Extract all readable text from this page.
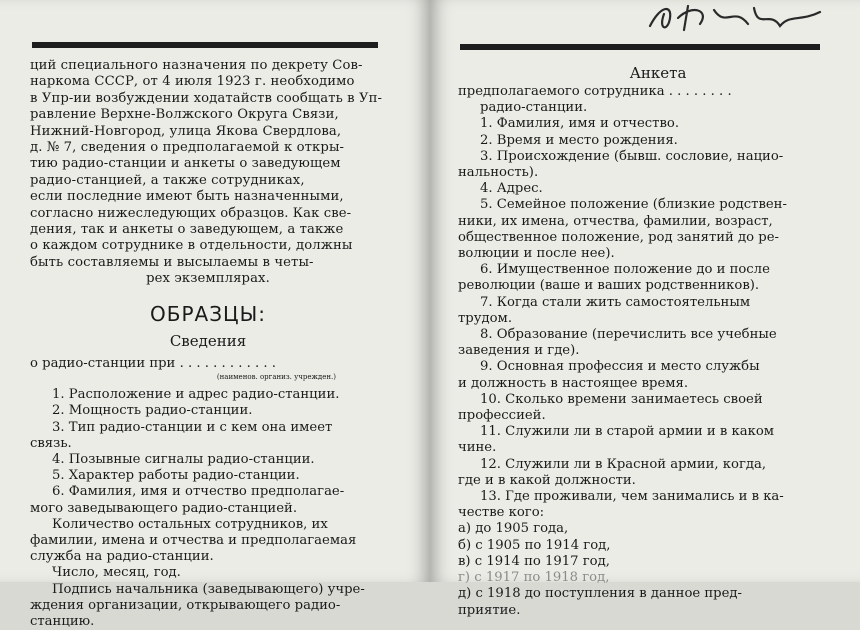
ций специального назначения по декрету Сов-

наркома СССР, от 4 июля 1923 г. необходимо

в Упр-ии возбуждении ходатайств сообщать в Уп-

равление Верхне-Волжского Округа Связи,

Нижний-Новгород, улица Якова Свердлова,

д. № 7, сведения о предполагаемой к откры-

тию радио-станции и анкеты о заведующем

радио-станцией, а также сотрудниках,

если последние имеют быть назначенными,

согласно нижеследующих образцов. Как све-

дения, так и анкеты о заведующем, а также

о каждом сотруднике в отдельности, должны

быть составляемы и высылаемы в четы-

рех экземплярах.

ОБРАЗЦЫ:
Сведения

о радио-станции при . . . . . . . . . . . .

(наименов. организ. учрежден.)

1. Расположение и адрес радио-станции.

2. Мощность радио-станции.

3. Тип радио-станции и с кем она имеет

связь.

4. Позывные сигналы радио-станции.

5. Характер работы радио-станции.

6. Фамилия, имя и отчество предполагае-

мого заведывающего радио-станцией.

Количество остальных сотрудников, их

фамилии, имена и отчества и предполагаемая

служба на радио-станции.

Число, месяц, год.

Подпись начальника (заведывающего) учре-

ждения организации, открывающего радио-

станцию.

Анкета

предполагаемого сотрудника . . . . . . . .

радио-станции.

1. Фамилия, имя и отчество.

2. Время и место рождения.

3. Происхождение (бывш. сословие, нацио-

нальность).

4. Адрес.

5. Семейное положение (близкие родствен-

ники, их имена, отчества, фамилии, возраст,

общественное положение, род занятий до ре-

волюции и после нее).

6. Имущественное положение до и после

революции (ваше и ваших родственников).

7. Когда стали жить самостоятельным

трудом.

8. Образование (перечислить все учебные

заведения и где).

9. Основная профессия и место службы

и должность в настоящее время.

10. Сколько времени занимаетесь своей

профессией.

11. Служили ли в старой армии и в каком

чине.

12. Служили ли в Красной армии, когда,

где и в какой должности.

13. Где проживали, чем занимались и в ка-

честве кого:

а) до 1905 года,

б) с 1905 по 1914 год,

в) с 1914 по 1917 год,

г) с 1917 по 1918 год,

д) с 1918 до поступления в данное пред-

приятие.
